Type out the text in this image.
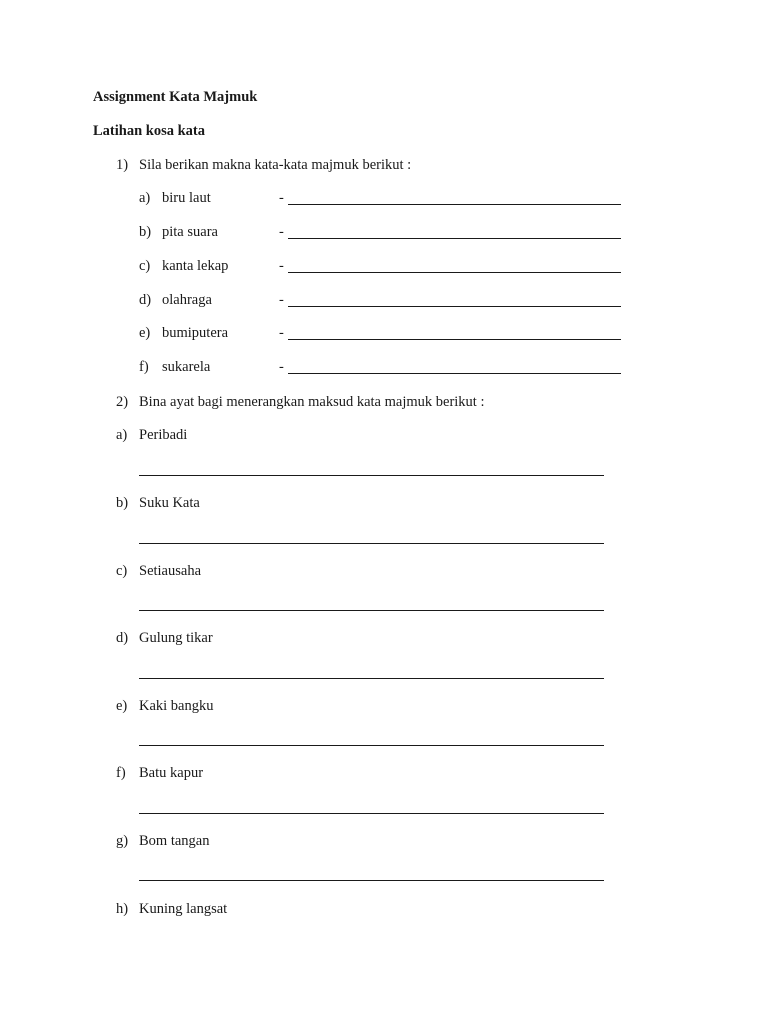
Assignment Kata Majmuk
Latihan kosa kata
1) Sila berikan makna kata-kata majmuk berikut :
a) biru laut	-
b) pita suara	-
c) kanta lekap	-
d) olahraga	-
e) bumiputera	-
f) sukarela	-
2) Bina ayat bagi menerangkan maksud kata majmuk berikut :
a) Peribadi
b) Suku Kata
c) Setiausaha
d) Gulung tikar
e) Kaki bangku
f) Batu kapur
g) Bom tangan
h) Kuning langsat
